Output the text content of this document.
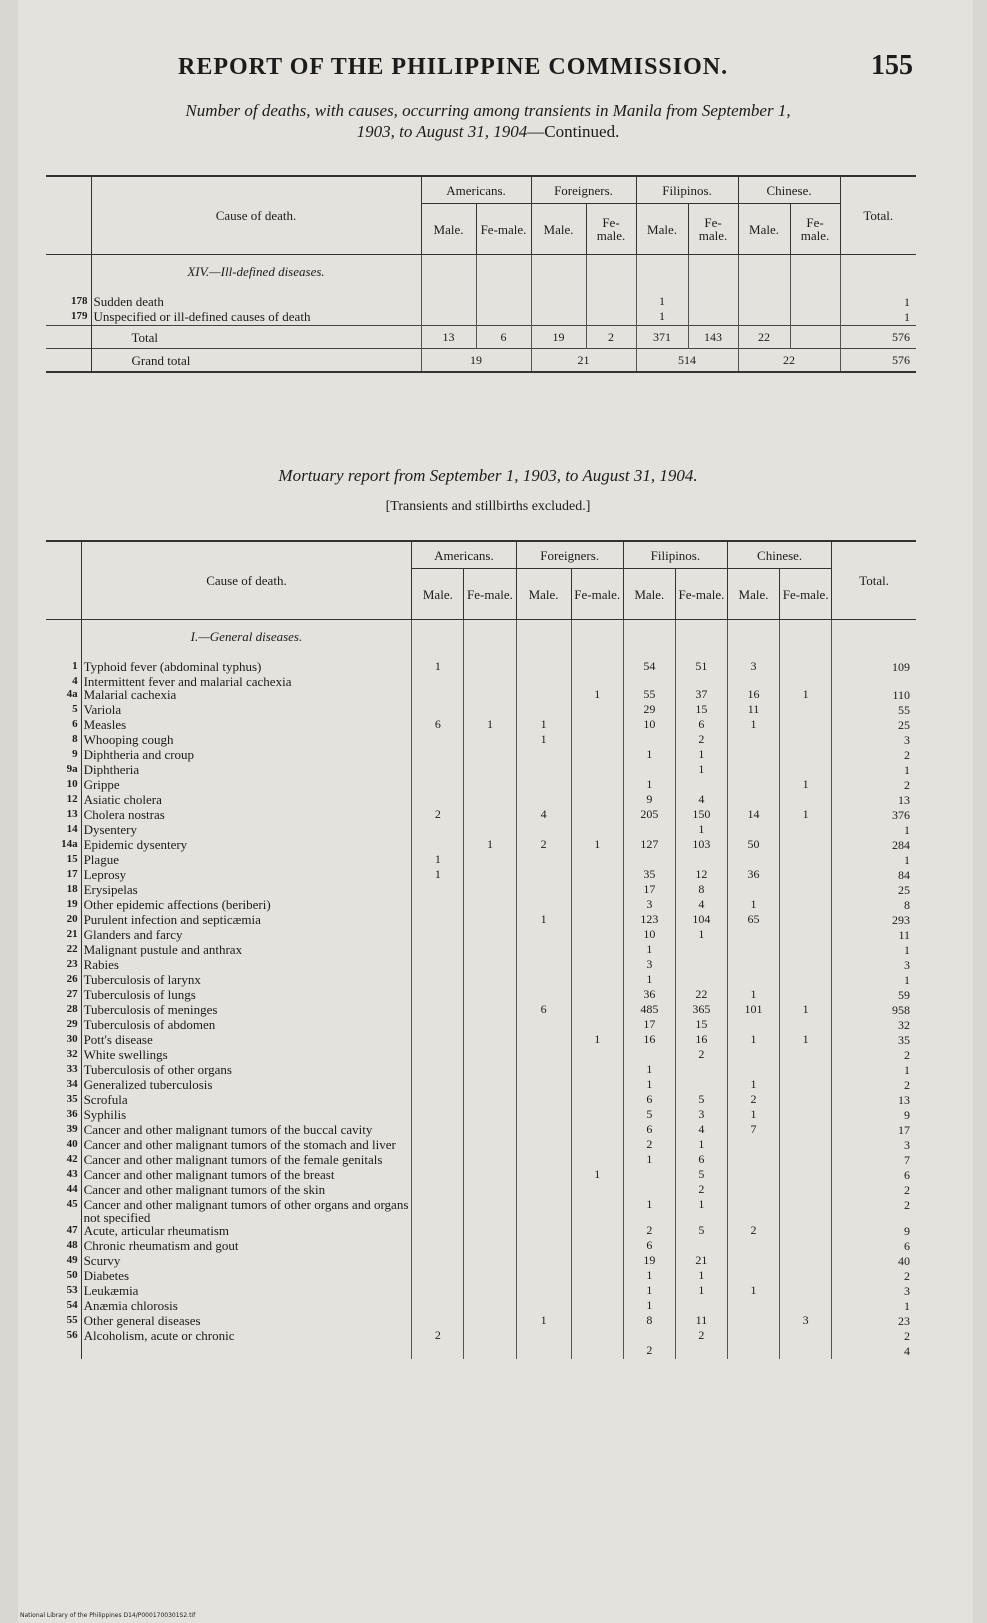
REPORT OF THE PHILIPPINE COMMISSION.	155
Number of deaths, with causes, occurring among transients in Manila from September 1,
1903, to August 31, 1904—Continued.
	Cause of death.	Americans.		Foreigners.		Filipinos.		Chinese.		Total.
		Male.	Fe-male.	Male.	Fe-male.	Male.	Fe-male.	Male.	Fe-male.	
	XIV.—Ill-defined diseases.									
178	Sudden death					1				1
179	Unspecified or ill-defined causes of death					1				1
	Total	13	6	19	2	371	143	22		576
	Grand total	19		21		514		22		576
Mortuary report from September 1, 1903, to August 31, 1904.
[Transients and stillbirths excluded.]
	Cause of death.	Americans.		Foreigners.		Filipinos.		Chinese.		Total.
		Male.	Fe-male.	Male.	Fe-male.	Male.	Fe-male.	Male.	Fe-male.	
	I.—General diseases.									
1	Typhoid fever (abdominal typhus)	1				54	51	3		109
4	Intermittent fever and malarial cachexia									
4a	Malarial cachexia				1	55	37	16	1	110
5	Variola					29	15	11		55
6	Measles	6	1	1		10	6	1		25
8	Whooping cough			1			2			3
9	Diphtheria and croup					1	1			2
9a	Diphtheria						1			1
10	Grippe					1			1	2
12	Asiatic cholera					9	4			13
13	Cholera nostras	2		4		205	150	14	1	376
14	Dysentery						1			1
14a	Epidemic dysentery		1	2	1	127	103	50		284
15	Plague	1								1
17	Leprosy	1				35	12	36		84
18	Erysipelas					17	8			25
19	Other epidemic affections (beriberi)					3	4	1		8
20	Purulent infection and septicæmia			1		123	104	65		293
21	Glanders and farcy					10	1			11
22	Malignant pustule and anthrax					1				1
23	Rabies					3				3
26	Tuberculosis of larynx					1				1
27	Tuberculosis of lungs					36	22	1		59
28	Tuberculosis of meninges			6		485	365	101	1	958
29	Tuberculosis of abdomen					17	15			32
30	Pott's disease				1	16	16	1	1	35
32	White swellings						2			2
33	Tuberculosis of other organs					1				1
34	Generalized tuberculosis					1		1		2
35	Scrofula					6	5	2		13
36	Syphilis					5	3	1		9
39	Cancer and other malignant tumors of the buccal cavity					6	4	7		17
40	Cancer and other malignant tumors of the stomach and liver					2	1			3
42	Cancer and other malignant tumors of the female genitals					1	6			7
43	Cancer and other malignant tumors of the breast				1		5			6
44	Cancer and other malignant tumors of the skin						2			2
45	Cancer and other malignant tumors of other organs and organs not specified					1	1			2
47	Acute, articular rheumatism					2	5	2		9
48	Chronic rheumatism and gout					6				6
49	Scurvy					19	21			40
50	Diabetes					1	1			2
53	Leukæmia					1	1	1		3
54	Anæmia chlorosis					1				1
55	Other general diseases			1		8	11		3	23
56	Alcoholism, acute or chronic	2					2			2
						2				4
National Library of the Philippines D14/P0001700301S2.tif
